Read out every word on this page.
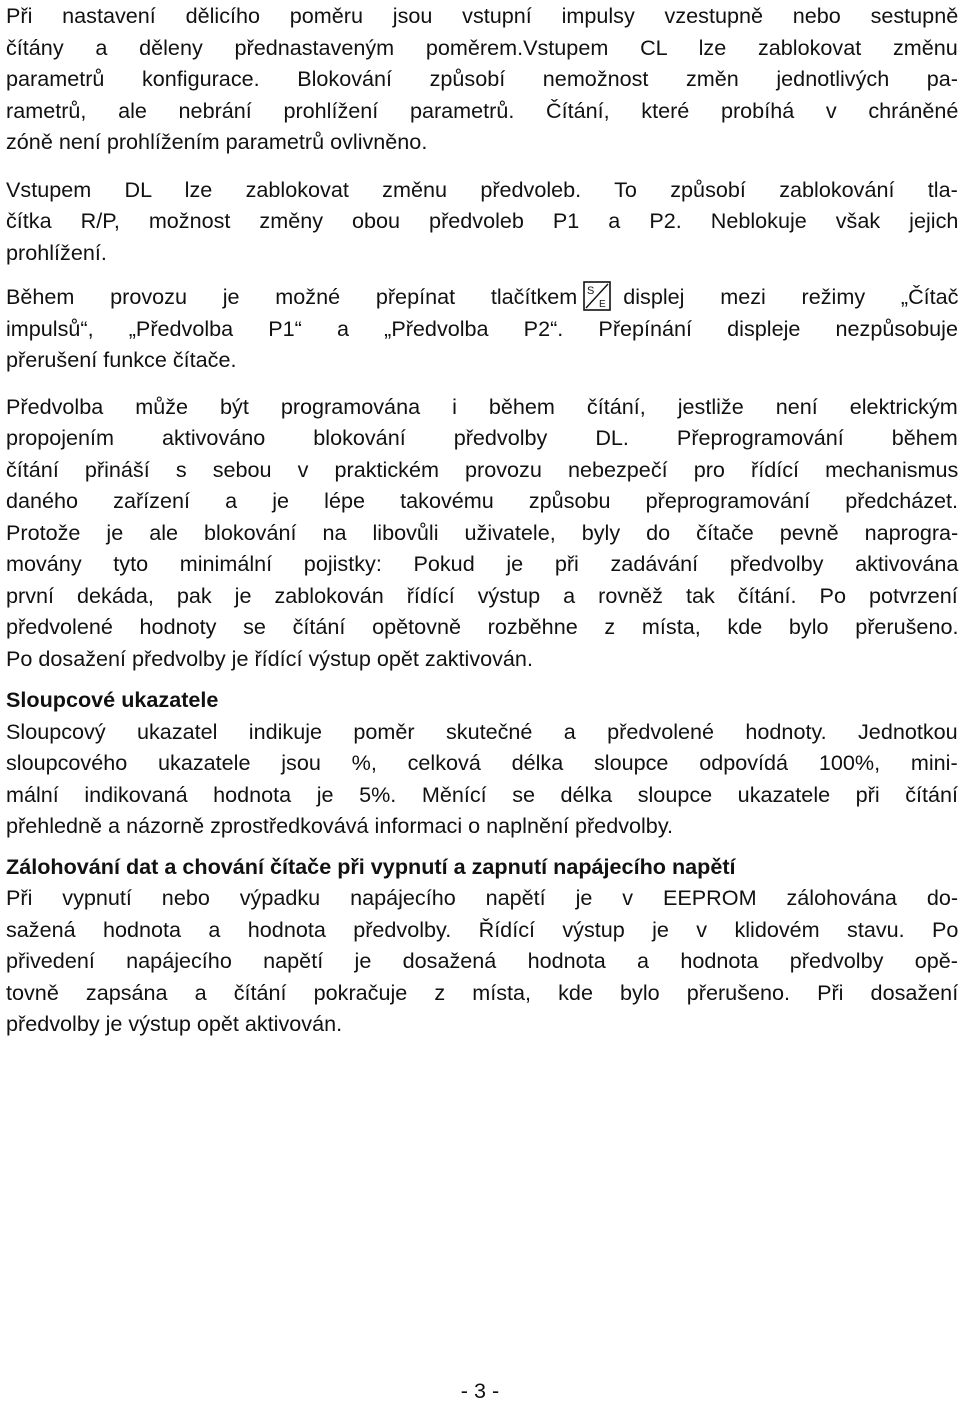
Při nastavení dělicího poměru jsou vstupní impulsy vzestupně nebo sestupně
čítány a děleny přednastaveným poměrem.Vstupem CL lze zablokovat změnu
parametrů konfigurace. Blokování způsobí nemožnost změn jednotlivých pa-
rametrů, ale nebrání prohlížení parametrů. Čítání, které probíhá v chráněné
zóně není prohlížením parametrů ovlivněno.
Vstupem DL lze zablokovat změnu předvoleb. To způsobí zablokování tla-
čítka R/P, možnost změny obou předvoleb P1 a P2. Neblokuje však jejich
prohlížení.
Během provozu je možné přepínat tlačítkem S
E displej mezi režimy „Čítač
impulsů“, „Předvolba P1“ a „Předvolba P2“. Přepínání displeje nezpůsobuje
přerušení funkce čítače.
Předvolba může být programována i během čítání, jestliže není elektrickým
propojením aktivováno blokování předvolby DL. Přeprogramování během
čítání přináší s sebou v praktickém provozu nebezpečí pro řídící mechanismus
daného zařízení a je lépe takovému způsobu přeprogramování předcházet.
Protože je ale blokování na libovůli uživatele, byly do čítače pevně naprogra-
movány tyto minimální pojistky: Pokud je při zadávání předvolby aktivována
první dekáda, pak je zablokován řídící výstup a rovněž tak čítání. Po potvrzení
předvolené hodnoty se čítání opětovně rozběhne z místa, kde bylo přerušeno.
Po dosažení předvolby je řídící výstup opět zaktivován.
Sloupcové ukazatele
Sloupcový ukazatel indikuje poměr skutečné a předvolené hodnoty. Jednotkou
sloupcového ukazatele jsou %, celková délka sloupce odpovídá 100%, mini-
mální indikovaná hodnota je 5%. Měnící se délka sloupce ukazatele při čítání
přehledně a názorně zprostředkovává informaci o naplnění předvolby.
Zálohování dat a chování čítače při vypnutí a zapnutí napájecího napětí
Při vypnutí nebo výpadku napájecího napětí je v EEPROM zálohována do-
sažená hodnota a hodnota předvolby. Řídící výstup je v klidovém stavu. Po
přivedení napájecího napětí je dosažená hodnota a hodnota předvolby opě-
tovně zapsána a čítání pokračuje z místa, kde bylo přerušeno. Při dosažení
předvolby je výstup opět aktivován.
- 3 -
